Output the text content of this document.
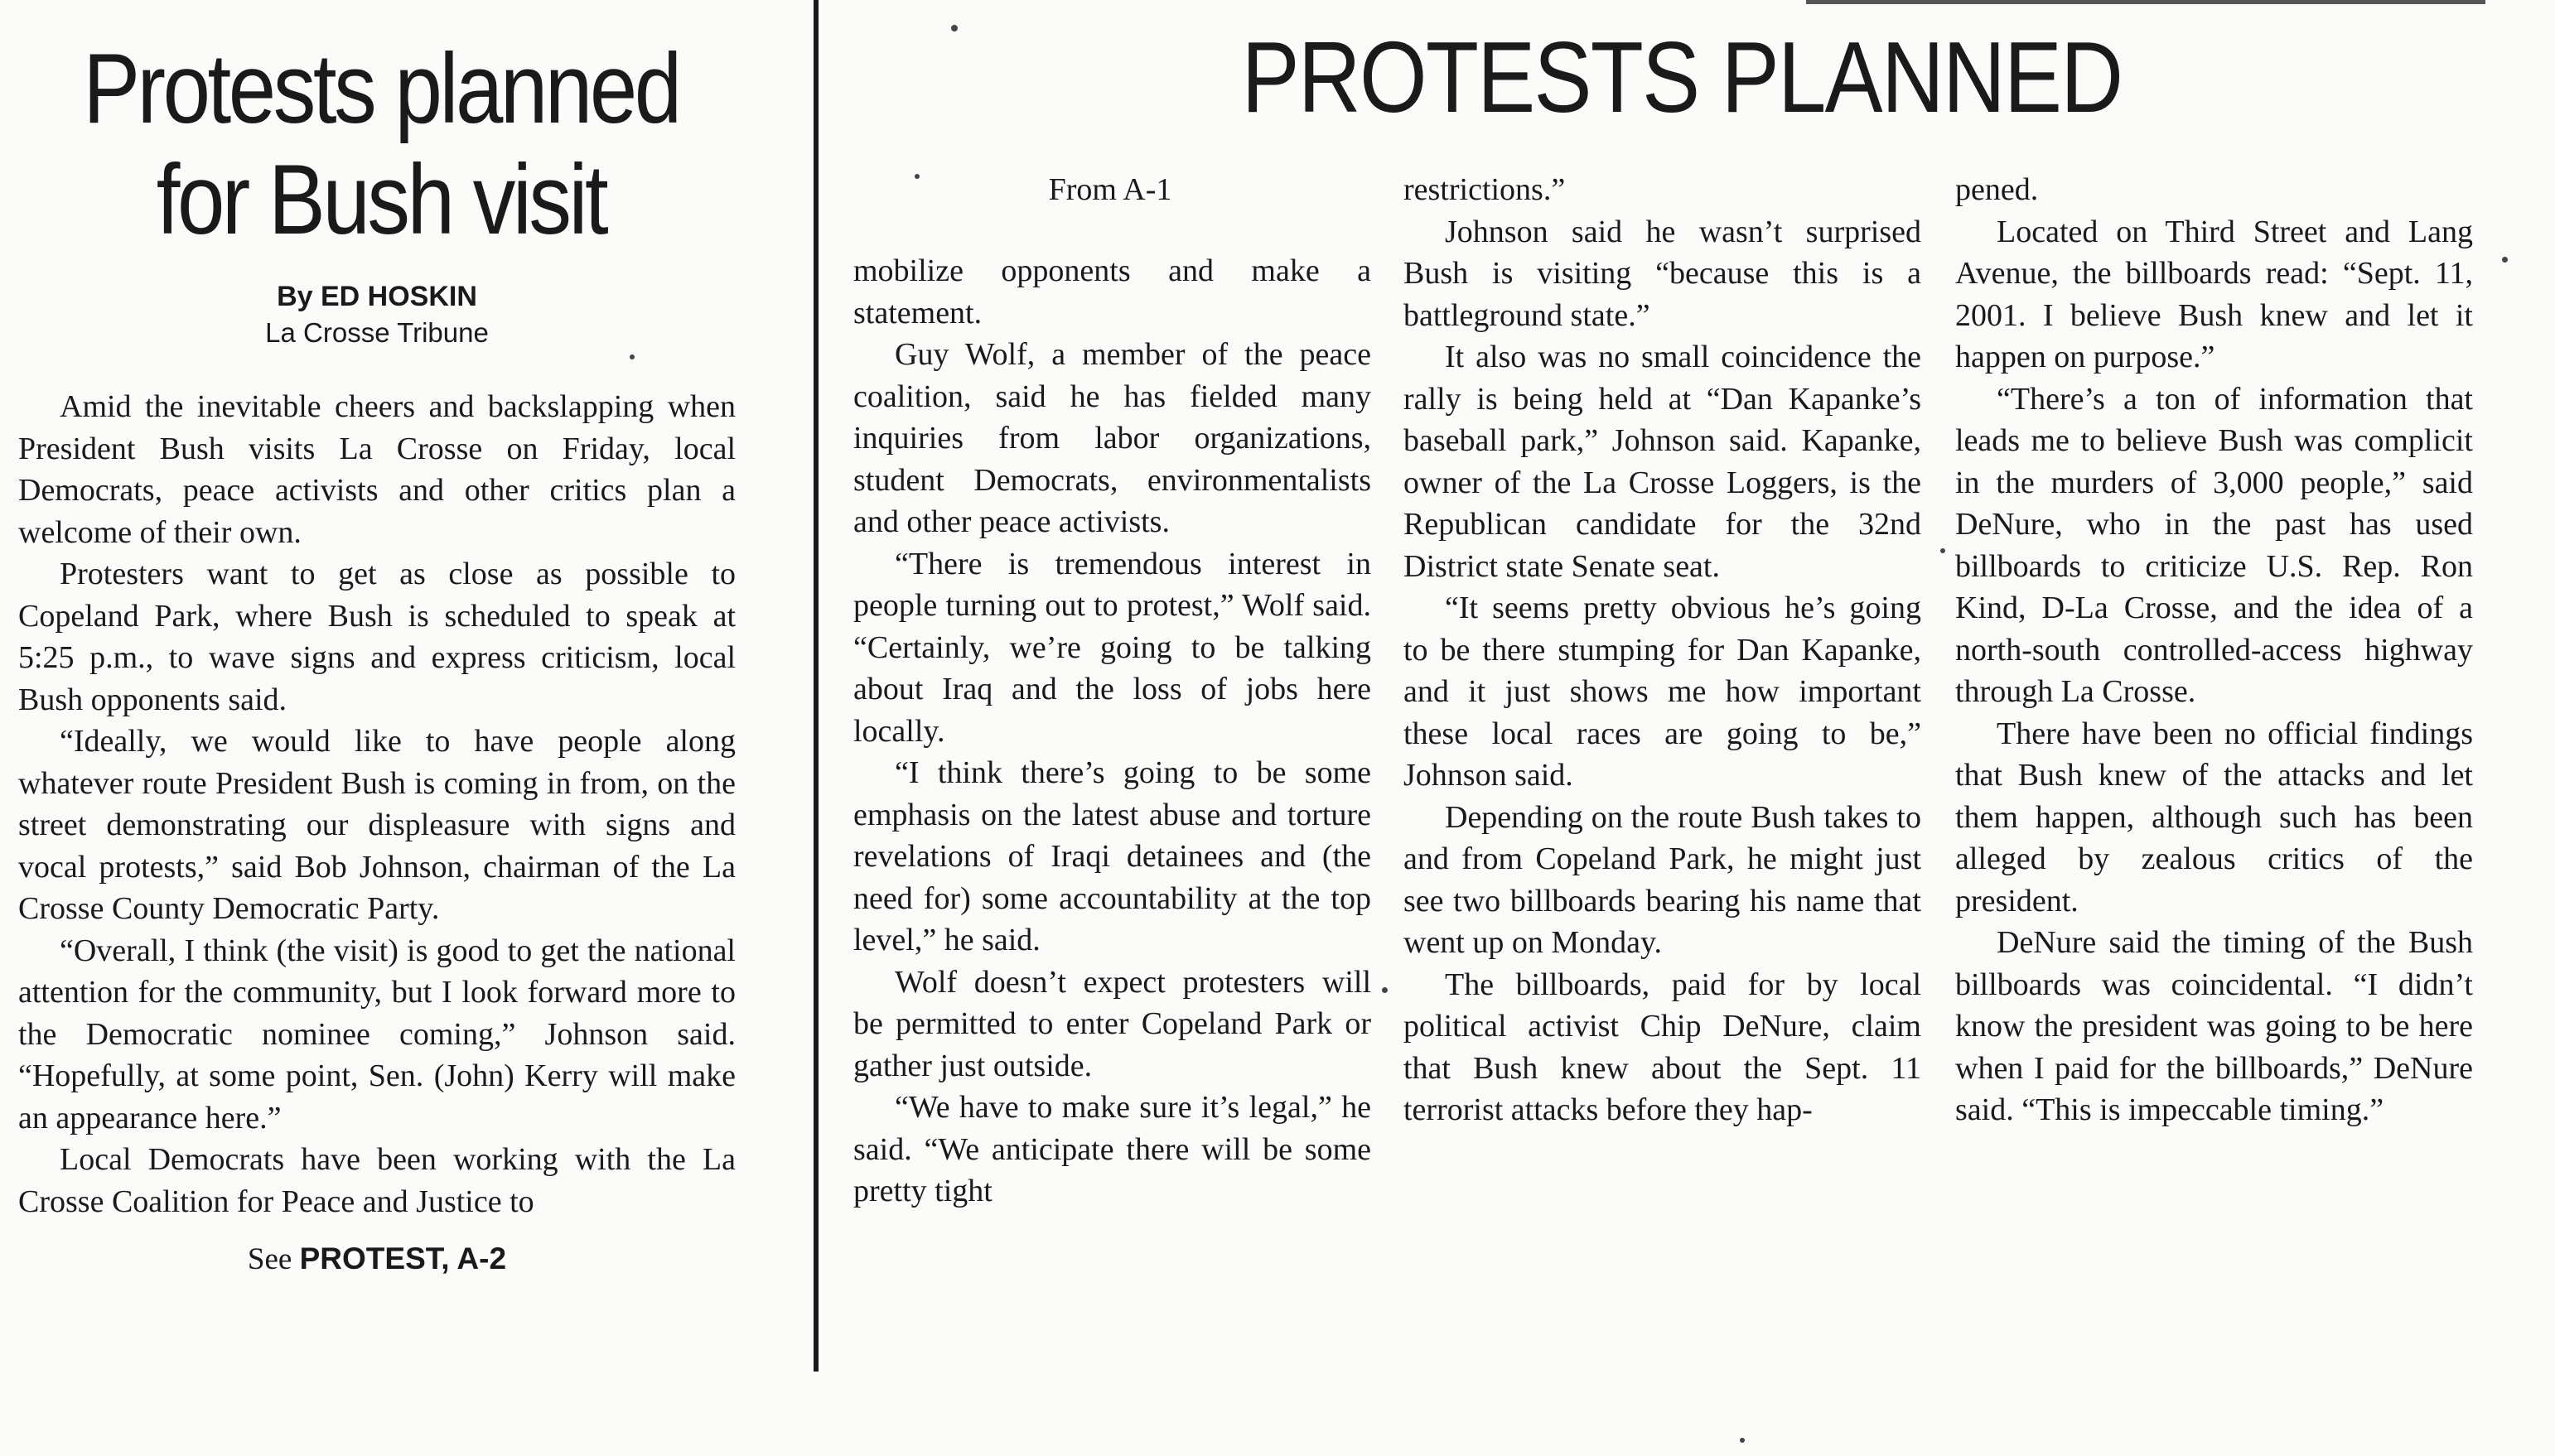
Protests planned
for Bush visit
By ED HOSKIN
La Crosse Tribune

Amid the inevitable cheers and backslapping when President Bush visits La Crosse on Friday, local Democrats, peace activists and other critics plan a welcome of their own.

Protesters want to get as close as possible to Copeland Park, where Bush is scheduled to speak at 5:25 p.m., to wave signs and express criticism, local Bush opponents said.

“Ideally, we would like to have people along whatever route President Bush is coming in from, on the street demonstrating our displeasure with signs and vocal protests,” said Bob Johnson, chairman of the La Crosse County Democratic Party.

“Overall, I think (the visit) is good to get the national attention for the community, but I look forward more to the Democratic nominee coming,” Johnson said. “Hopefully, at some point, Sen. (John) Kerry will make an appearance here.”

Local Democrats have been working with the La Crosse Coalition for Peace and Justice to

See PROTEST, A-2
PROTESTS PLANNED
From A-1

mobilize opponents and make a statement.

Guy Wolf, a member of the peace coalition, said he has fielded many inquiries from labor organizations, student Democrats, environmentalists and other peace activists.

“There is tremendous interest in people turning out to protest,” Wolf said. “Certainly, we’re going to be talking about Iraq and the loss of jobs here locally.

“I think there’s going to be some emphasis on the latest abuse and torture revelations of Iraqi detainees and (the need for) some accountability at the top level,” he said.

Wolf doesn’t expect protesters will be permitted to enter Copeland Park or gather just outside.

“We have to make sure it’s legal,” he said. “We anticipate there will be some pretty tight

restrictions.”

Johnson said he wasn’t surprised Bush is visiting “because this is a battleground state.”

It also was no small coincidence the rally is being held at “Dan Kapanke’s baseball park,” Johnson said. Kapanke, owner of the La Crosse Loggers, is the Republican candidate for the 32nd District state Senate seat.

“It seems pretty obvious he’s going to be there stumping for Dan Kapanke, and it just shows me how important these local races are going to be,” Johnson said.

Depending on the route Bush takes to and from Copeland Park, he might just see two billboards bearing his name that went up on Monday.

The billboards, paid for by local political activist Chip DeNure, claim that Bush knew about the Sept. 11 terrorist attacks before they hap-

pened.

Located on Third Street and Lang Avenue, the billboards read: “Sept. 11, 2001. I believe Bush knew and let it happen on purpose.”

“There’s a ton of information that leads me to believe Bush was complicit in the murders of 3,000 people,” said DeNure, who in the past has used billboards to criticize U.S. Rep. Ron Kind, D-La Crosse, and the idea of a north-south controlled-access highway through La Crosse.

There have been no official findings that Bush knew of the attacks and let them happen, although such has been alleged by zealous critics of the president.

DeNure said the timing of the Bush billboards was coincidental. “I didn’t know the president was going to be here when I paid for the billboards,” DeNure said. “This is impeccable timing.”
